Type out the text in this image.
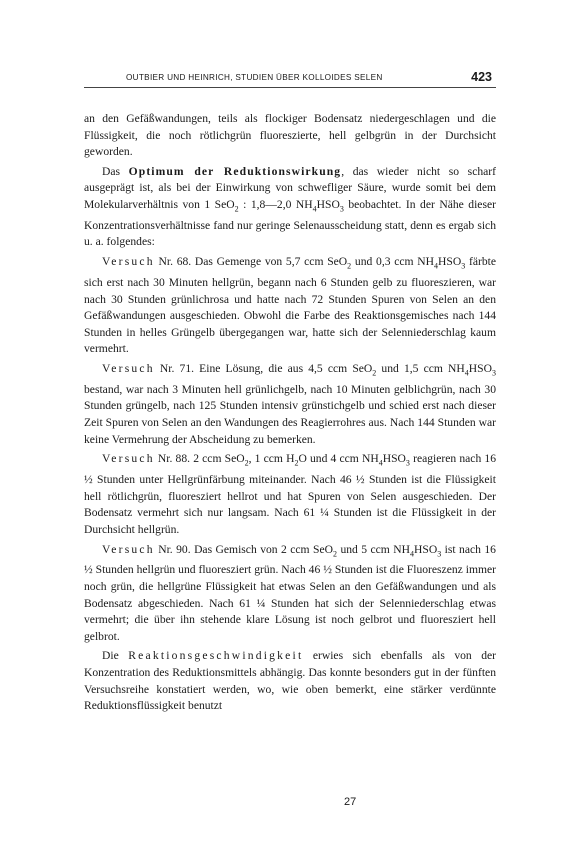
OUTBIER UND HEINRICH, STUDIEN ÜBER KOLLOIDES SELEN	423

an den Gefäßwandungen, teils als flockiger Bodensatz niedergeschlagen und die Flüssigkeit, die noch rötlichgrün fluoreszierte, hell gelbgrün in der Durchsicht geworden.

Das Optimum der Reduktionswirkung, das wieder nicht so scharf ausgeprägt ist, als bei der Einwirkung von schwefliger Säure, wurde somit bei dem Molekularverhältnis von 1 SeO$_2$ : 1,8—2,0 $NH_4HSO_3$ beobachtet. In der Nähe dieser Konzentrationsverhältnisse fand nur geringe Selenausscheidung statt, denn es ergab sich u. a. folgendes:

Versuch Nr. 68. Das Gemenge von 5,7 ccm SeO$_2$ und 0,3 ccm $NH_4HSO_3$ färbte sich erst nach 30 Minuten hellgrün, begann nach 6 Stunden gelb zu fluoreszieren, war nach 30 Stunden grünlichrosa und hatte nach 72 Stunden Spuren von Selen an den Gefäßwandungen ausgeschieden. Obwohl die Farbe des Reaktionsgemisches nach 144 Stunden in helles Grüngelb übergegangen war, hatte sich der Selenniederschlag kaum vermehrt.

Versuch Nr. 71. Eine Lösung, die aus 4,5 ccm SeO$_2$ und 1,5 ccm $NH_4HSO_3$ bestand, war nach 3 Minuten hell grünlichgelb, nach 10 Minuten gelblichgrün, nach 30 Stunden grüngelb, nach 125 Stunden intensiv grünstichgelb und schied erst nach dieser Zeit Spuren von Selen an den Wandungen des Reagierrohres aus. Nach 144 Stunden war keine Vermehrung der Abscheidung zu bemerken.

Versuch Nr. 88. 2 ccm SeO$_2$, 1 ccm $H_2O$ und 4 ccm $NH_4HSO_3$ reagieren nach 16 ½ Stunden unter Hellgrünfärbung miteinander. Nach 46 ½ Stunden ist die Flüssigkeit hell rötlichgrün, fluoresziert hellrot und hat Spuren von Selen ausgeschieden. Der Bodensatz vermehrt sich nur langsam. Nach 61 ¼ Stunden ist die Flüssigkeit in der Durchsicht hellgrün.

Versuch Nr. 90. Das Gemisch von 2 ccm SeO$_2$ und 5 ccm $NH_4HSO_3$ ist nach 16 ½ Stunden hellgrün und fluoresziert grün. Nach 46 ½ Stunden ist die Fluoreszenz immer noch grün, die hellgrüne Flüssigkeit hat etwas Selen an den Gefäßwandungen und als Bodensatz abgeschieden. Nach 61 ¼ Stunden hat sich der Selenniederschlag etwas vermehrt; die über ihn stehende klare Lösung ist noch gelbrot und fluoresziert hell gelbrot.

Die Reaktionsgeschwindigkeit erwies sich ebenfalls als von der Konzentration des Reduktionsmittels abhängig. Das konnte besonders gut in der fünften Versuchsreihe konstatiert werden, wo, wie oben bemerkt, eine stärker verdünnte Reduktionsflüssigkeit benutzt

27
